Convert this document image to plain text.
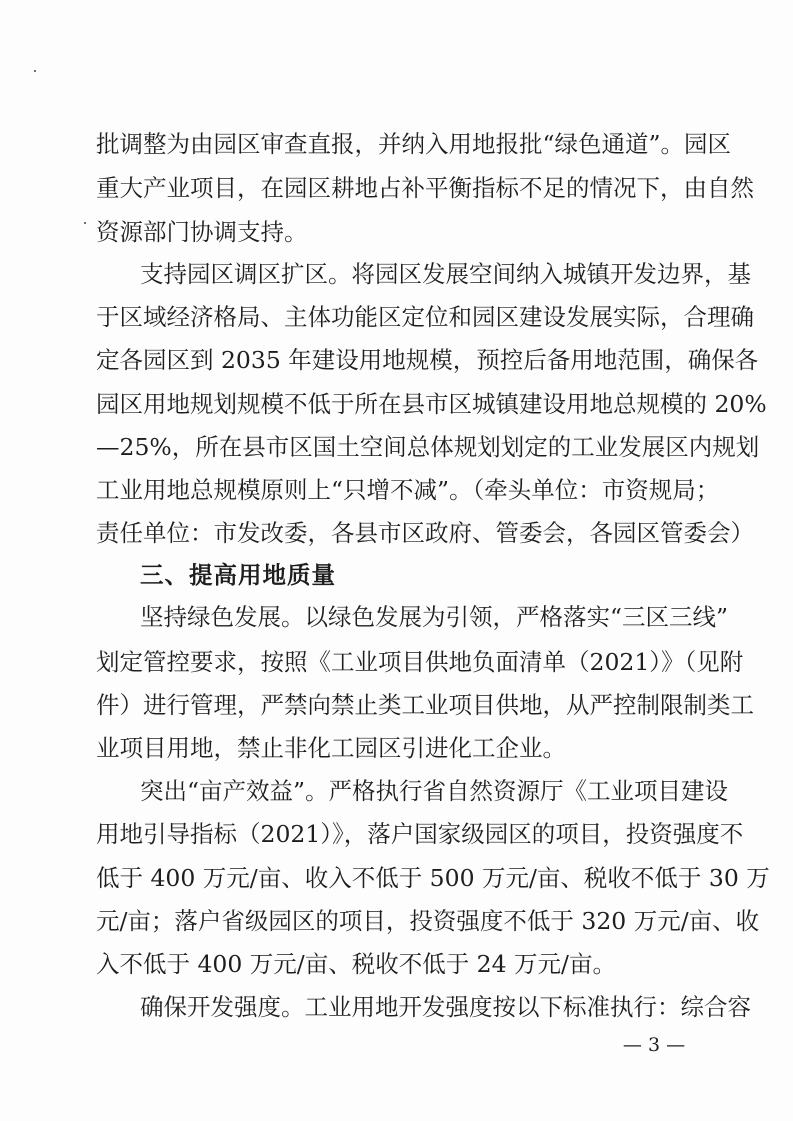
批调整为由园区审查直报，并纳入用地报批“绿色通道”。园区
重大产业项目，在园区耕地占补平衡指标不足的情况下，由自然
资源部门协调支持。
支持园区调区扩区。将园区发展空间纳入城镇开发边界，基
于区域经济格局、主体功能区定位和园区建设发展实际，合理确
定各园区到 2035 年建设用地规模，预控后备用地范围，确保各
园区用地规划规模不低于所在县市区城镇建设用地总规模的 20%
—25%，所在县市区国土空间总体规划划定的工业发展区内规划
工业用地总规模原则上“只增不减”。（牵头单位：市资规局；
责任单位：市发改委，各县市区政府、管委会，各园区管委会）
三、提高用地质量
坚持绿色发展。以绿色发展为引领，严格落实“三区三线”
划定管控要求，按照《工业项目供地负面清单（2021）》（见附
件）进行管理，严禁向禁止类工业项目供地，从严控制限制类工
业项目用地，禁止非化工园区引进化工企业。
突出“亩产效益”。严格执行省自然资源厅《工业项目建设
用地引导指标（2021）》，落户国家级园区的项目，投资强度不
低于 400 万元/亩、收入不低于 500 万元/亩、税收不低于 30 万
元/亩；落户省级园区的项目，投资强度不低于 320 万元/亩、收
入不低于 400 万元/亩、税收不低于 24 万元/亩。
确保开发强度。工业用地开发强度按以下标准执行：综合容
— 3 —
